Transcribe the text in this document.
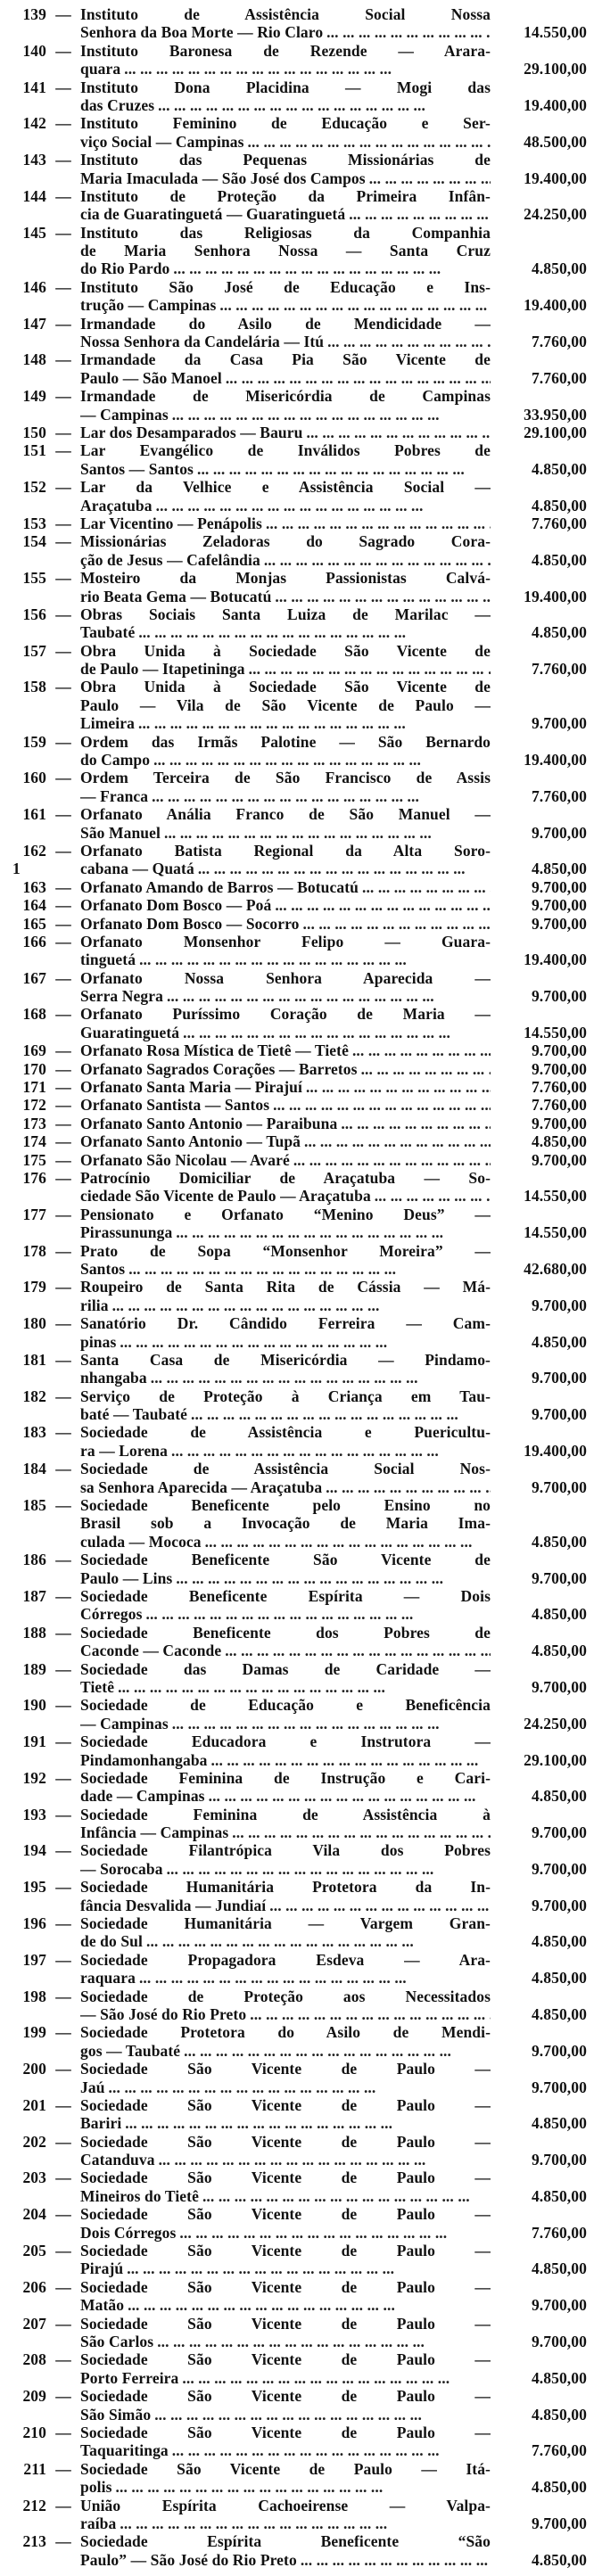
139 — Instituto de Assistência Social Nossa
Senhora da Boa Morte — Rio Claro ... .	14.550,00
140 — Instituto Baronesa de Rezende — Arara-
quara ... .	29.100,00
141 — Instituto Dona Placidina — Mogi das
das Cruzes ... .	19.400,00
142 — Instituto Feminino de Educação e Ser-
viço Social — Campinas ... .	48.500,00
143 — Instituto das Pequenas Missionárias de
Maria Imaculada — São José dos Campos ... .	19.400,00
144 — Instituto de Proteção da Primeira Infân-
cia de Guaratinguetá — Guaratinguetá ... .	24.250,00
145 — Instituto das Religiosas da Companhia
de Maria Senhora Nossa — Santa Cruz
do Rio Pardo ... .	4.850,00
146 — Instituto São José de Educação e Ins-
trução — Campinas ... .	19.400,00
147 — Irmandade do Asilo de Mendicidade —
Nossa Senhora da Candelária — Itú ... .	7.760,00
148 — Irmandade da Casa Pia São Vicente de
Paulo — São Manoel ... .	7.760,00
149 — Irmandade de Misericórdia de Campinas
— Campinas ... .	33.950,00
150 — Lar dos Desamparados — Bauru ... .	29.100,00
151 — Lar Evangélico de Inválidos Pobres de
Santos — Santos ... .	4.850,00
152 — Lar da Velhice e Assistência Social —
Araçatuba ... .	4.850,00
153 — Lar Vicentino — Penápolis ... .	7.760,00
154 — Missionárias Zeladoras do Sagrado Cora-
ção de Jesus — Cafelândia ... .	4.850,00
155 — Mosteiro da Monjas Passionistas Calvá-
rio Beata Gema — Botucatú ... .	19.400,00
156 — Obras Sociais Santa Luiza de Marilac —
Taubaté ... .	4.850,00
157 — Obra Unida à Sociedade São Vicente de
de Paulo — Itapetininga ... .	7.760,00
158 — Obra Unida à Sociedade São Vicente de
Paulo — Vila de São Vicente de Paulo —
Limeira ... .	9.700,00
159 — Ordem das Irmãs Palotine — São Bernardo
do Campo ... .	19.400,00
160 — Ordem Terceira de São Francisco de Assis
— Franca ... .	7.760,00
161 — Orfanato Anália Franco de São Manuel —
São Manuel ... .	9.700,00
162 — Orfanato Batista Regional da Alta Soro-
1	cabana — Quatá ... .	4.850,00
163 — Orfanato Amando de Barros — Botucatú ... .	9.700,00
164 — Orfanato Dom Bosco — Poá ... .	9.700,00
165 — Orfanato Dom Bosco — Socorro ... .	9.700,00
166 — Orfanato Monsenhor Felipo — Guara-
tinguetá ... .	19.400,00
167 — Orfanato Nossa Senhora Aparecida —
Serra Negra ... .	9.700,00
168 — Orfanato Puríssimo Coração de Maria —
Guaratinguetá ... .	14.550,00
169 — Orfanato Rosa Mística de Tietê — Tietê ... .	9.700,00
170 — Orfanato Sagrados Corações — Barretos ... .	9.700,00
171 — Orfanato Santa Maria — Pirajuí ... .	7.760,00
172 — Orfanato Santista — Santos ... .	7.760,00
173 — Orfanato Santo Antonio — Paraibuna ... .	9.700,00
174 — Orfanato Santo Antonio — Tupã ... .	4.850,00
175 — Orfanato São Nicolau — Avaré ... .	9.700,00
176 — Patrocínio Domiciliar de Araçatuba — So-
ciedade São Vicente de Paulo — Araçatuba ... .	14.550,00
177 — Pensionato e Orfanato “Menino Deus” —
Pirassununga ... .	14.550,00
178 — Prato de Sopa “Monsenhor Moreira” —
Santos ... .	42.680,00
179 — Roupeiro de Santa Rita de Cássia — Má-
rilia ... .	9.700,00
180 — Sanatório Dr. Cândido Ferreira — Cam-
pinas ... .	4.850,00
181 — Santa Casa de Misericórdia — Pindamo-
nhangaba ... .	9.700,00
182 — Serviço de Proteção à Criança em Tau-
baté — Taubaté ... .	9.700,00
183 — Sociedade de Assistência e Puericultu-
ra — Lorena ... .	19.400,00
184 — Sociedade de Assistência Social Nos-
sa Senhora Aparecida — Araçatuba ... .	9.700,00
185 — Sociedade Beneficente pelo Ensino no
Brasil sob a Invocação de Maria Ima-
culada — Mococa ... .	4.850,00
186 — Sociedade Beneficente São Vicente de
Paulo — Lins ... .	9.700,00
187 — Sociedade Beneficente Espírita — Dois
Córregos ... .	4.850,00
188 — Sociedade Beneficente dos Pobres de
Caconde — Caconde ... .	4.850,00
189 — Sociedade das Damas de Caridade —
Tietê ... .	9.700,00
190 — Sociedade de Educação e Beneficência
— Campinas ... .	24.250,00
191 — Sociedade Educadora e Instrutora —
Pindamonhangaba ... .	29.100,00
192 — Sociedade Feminina de Instrução e Cari-
dade — Campinas ... .	4.850,00
193 — Sociedade Feminina de Assistência à
Infância — Campinas ... .	9.700,00
194 — Sociedade Filantrópica Vila dos Pobres
— Sorocaba ... .	9.700,00
195 — Sociedade Humanitária Protetora da In-
fância Desvalida — Jundiaí ... .	9.700,00
196 — Sociedade Humanitária — Vargem Gran-
de do Sul ... .	4.850,00
197 — Sociedade Propagadora Esdeva — Ara-
raquara ... .	4.850,00
198 — Sociedade de Proteção aos Necessitados
— São José do Rio Preto ... .	4.850,00
199 — Sociedade Protetora do Asilo de Mendi-
gos — Taubaté ... .	9.700,00
200 — Sociedade São Vicente de Paulo —
Jaú ... .	9.700,00
201 — Sociedade São Vicente de Paulo —
Bariri ... .	4.850,00
202 — Sociedade São Vicente de Paulo —
Catanduva ... .	9.700,00
203 — Sociedade São Vicente de Paulo —
Mineiros do Tietê ... .	4.850,00
204 — Sociedade São Vicente de Paulo —
Dois Córregos ... .	7.760,00
205 — Sociedade São Vicente de Paulo —
Pirajú ... .	4.850,00
206 — Sociedade São Vicente de Paulo —
Matão ... .	9.700,00
207 — Sociedade São Vicente de Paulo —
São Carlos ... .	9.700,00
208 — Sociedade São Vicente de Paulo —
Porto Ferreira ... .	4.850,00
209 — Sociedade São Vicente de Paulo —
São Simão ... .	4.850,00
210 — Sociedade São Vicente de Paulo —
Taquaritinga ... .	7.760,00
211 — Sociedade São Vicente de Paulo — Itá-
polis ... .	4.850,00
212 — União Espírita Cachoeirense — Valpa-
raíba ... .	9.700,00
213 — Sociedade Espírita Beneficente “São
Paulo” — São José do Rio Preto ... .	4.850,00
